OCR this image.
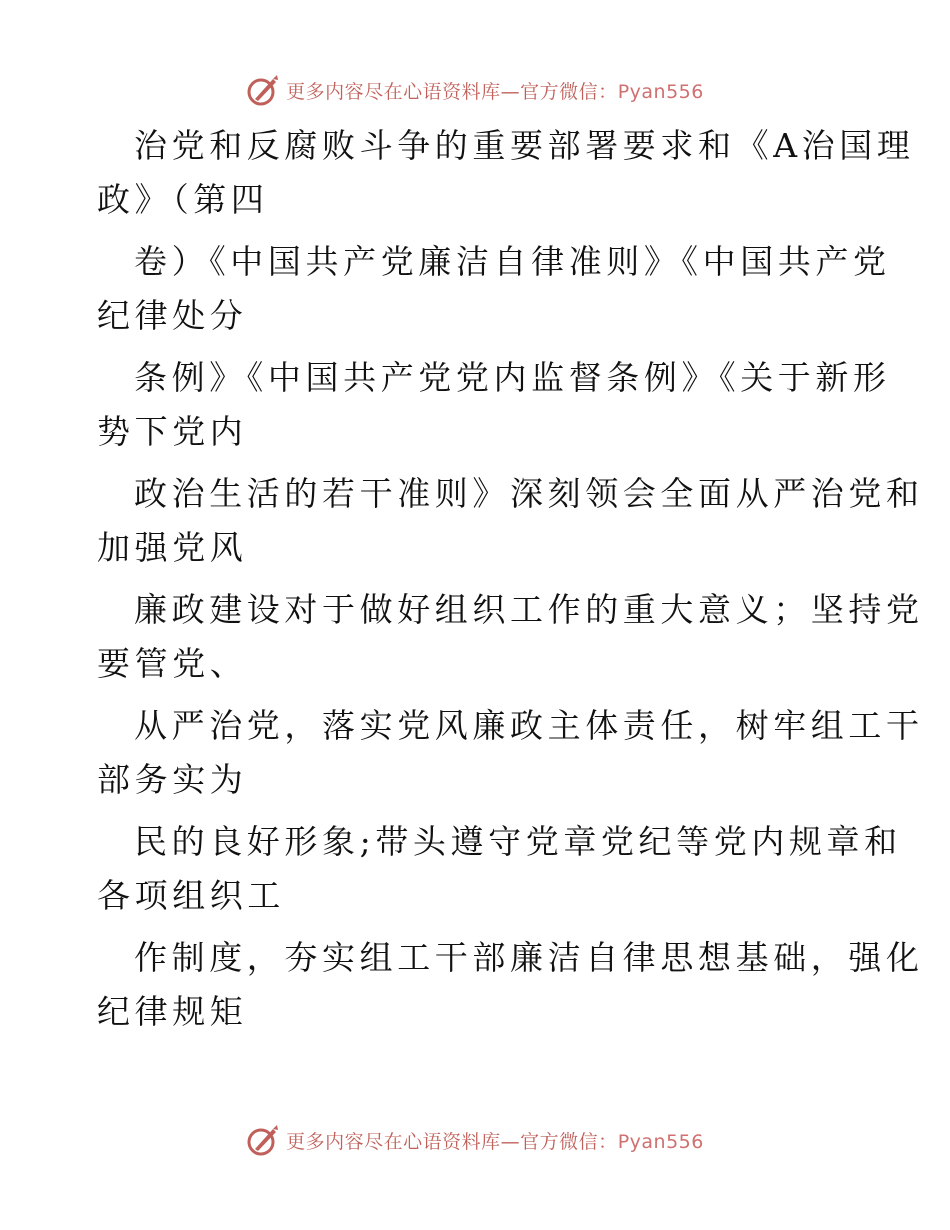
更多内容尽在心语资料库—官方微信：Pyan556
治党和反腐败斗争的重要部署要求和《A治国理
政》（第四
卷）《中国共产党廉洁自律准则》《中国共产党
纪律处分
条例》《中国共产党党内监督条例》《关于新形
势下党内
政治生活的若干准则》深刻领会全面从严治党和
加强党风
廉政建设对于做好组织工作的重大意义；坚持党
要管党、
从严治党，落实党风廉政主体责任，树牢组工干
部务实为
民的良好形象;带头遵守党章党纪等党内规章和
各项组织工
作制度，夯实组工干部廉洁自律思想基础，强化
纪律规矩
更多内容尽在心语资料库—官方微信：Pyan556
